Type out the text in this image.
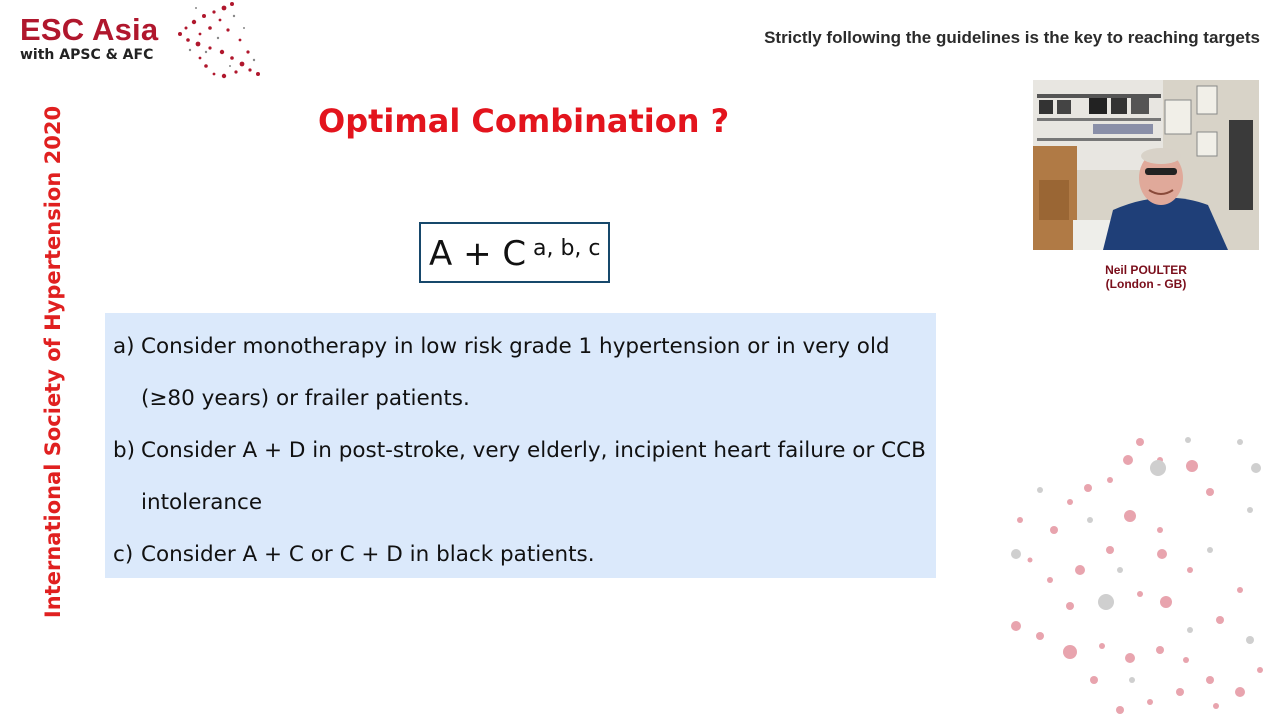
ESC Asia
with APSC & AFC
Strictly following the guidelines is the key to reaching targets
International Society of Hypertension 2020	Optimal Combination ?
A + C a, b, c
a) Consider monotherapy in low risk grade 1 hypertension or in very old (≥80 years) or frailer patients.
b) Consider A + D in post-stroke, very elderly, incipient heart failure or CCB intolerance
c) Consider A + C or C + D in black patients.
Neil POULTER
(London - GB)
